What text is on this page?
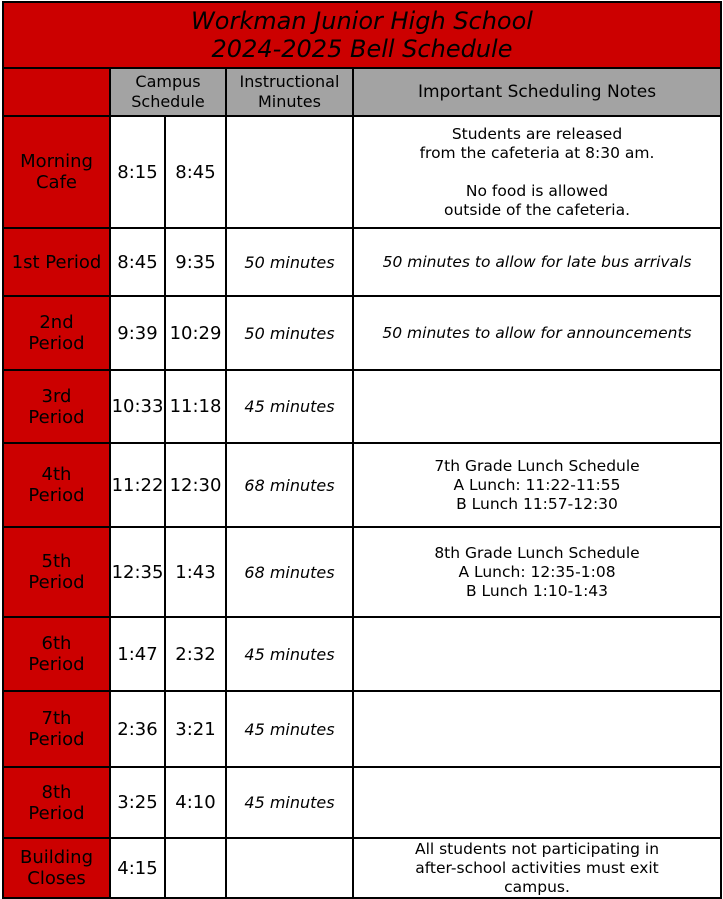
Workman Junior High School
2024-2025 Bell Schedule				

	Campus
Schedule		Instructional
Minutes	Important Scheduling Notes

Morning
Cafe	8:15	8:45		Students are released
from the cafeteria at 8:30 am.
No food is allowed
outside of the cafeteria.

1st Period	8:45	9:35	50 minutes	50 minutes to allow for late bus arrivals

2nd
Period	9:39	10:29	50 minutes	50 minutes to allow for announcements

3rd
Period	10:33	11:18	45 minutes	

4th
Period	11:22	12:30	68 minutes	7th Grade Lunch Schedule
A Lunch: 11:22-11:55
B Lunch 11:57-12:30

5th
Period	12:35	1:43	68 minutes	8th Grade Lunch Schedule
A Lunch: 12:35-1:08
B Lunch 1:10-1:43

6th
Period	1:47	2:32	45 minutes	

7th
Period	2:36	3:21	45 minutes	

8th
Period	3:25	4:10	45 minutes	

Building
Closes	4:15			All students not participating in
after-school activities must exit
campus.
